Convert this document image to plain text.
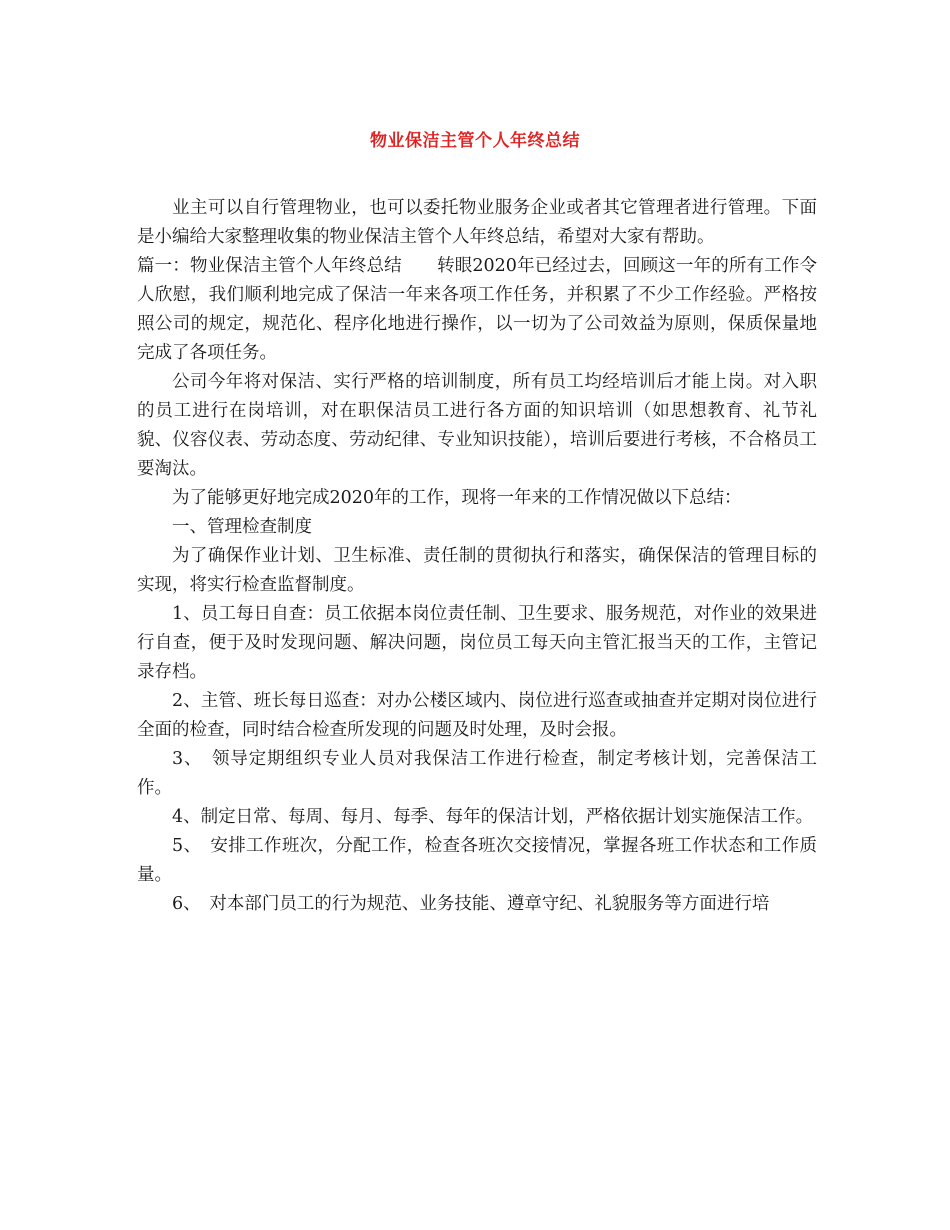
物业保洁主管个人年终总结

业主可以自行管理物业，也可以委托物业服务企业或者其它管理者进行管理。下面是小编给大家整理收集的物业保洁主管个人年终总结，希望对大家有帮助。

篇一：物业保洁主管个人年终总结　　转眼2020年已经过去，回顾这一年的所有工作令人欣慰，我们顺利地完成了保洁一年来各项工作任务，并积累了不少工作经验。严格按照公司的规定，规范化、程序化地进行操作，以一切为了公司效益为原则，保质保量地完成了各项任务。

公司今年将对保洁、实行严格的培训制度，所有员工均经培训后才能上岗。对入职的员工进行在岗培训，对在职保洁员工进行各方面的知识培训（如思想教育、礼节礼貌、仪容仪表、劳动态度、劳动纪律、专业知识技能），培训后要进行考核，不合格员工要淘汰。

为了能够更好地完成2020年的工作，现将一年来的工作情况做以下总结：

一、管理检查制度

为了确保作业计划、卫生标准、责任制的贯彻执行和落实，确保保洁的管理目标的实现，将实行检查监督制度。

1、员工每日自查：员工依据本岗位责任制、卫生要求、服务规范，对作业的效果进行自查，便于及时发现问题、解决问题，岗位员工每天向主管汇报当天的工作，主管记录存档。

2、主管、班长每日巡查：对办公楼区域内、岗位进行巡查或抽查并定期对岗位进行全面的检查，同时结合检查所发现的问题及时处理，及时会报。

3、　领导定期组织专业人员对我保洁工作进行检查，制定考核计划，完善保洁工作。

4、制定日常、每周、每月、每季、每年的保洁计划，严格依据计划实施保洁工作。

5、　安排工作班次，分配工作，检查各班次交接情况，掌握各班工作状态和工作质量。

6、　对本部门员工的行为规范、业务技能、遵章守纪、礼貌服务等方面进行培
